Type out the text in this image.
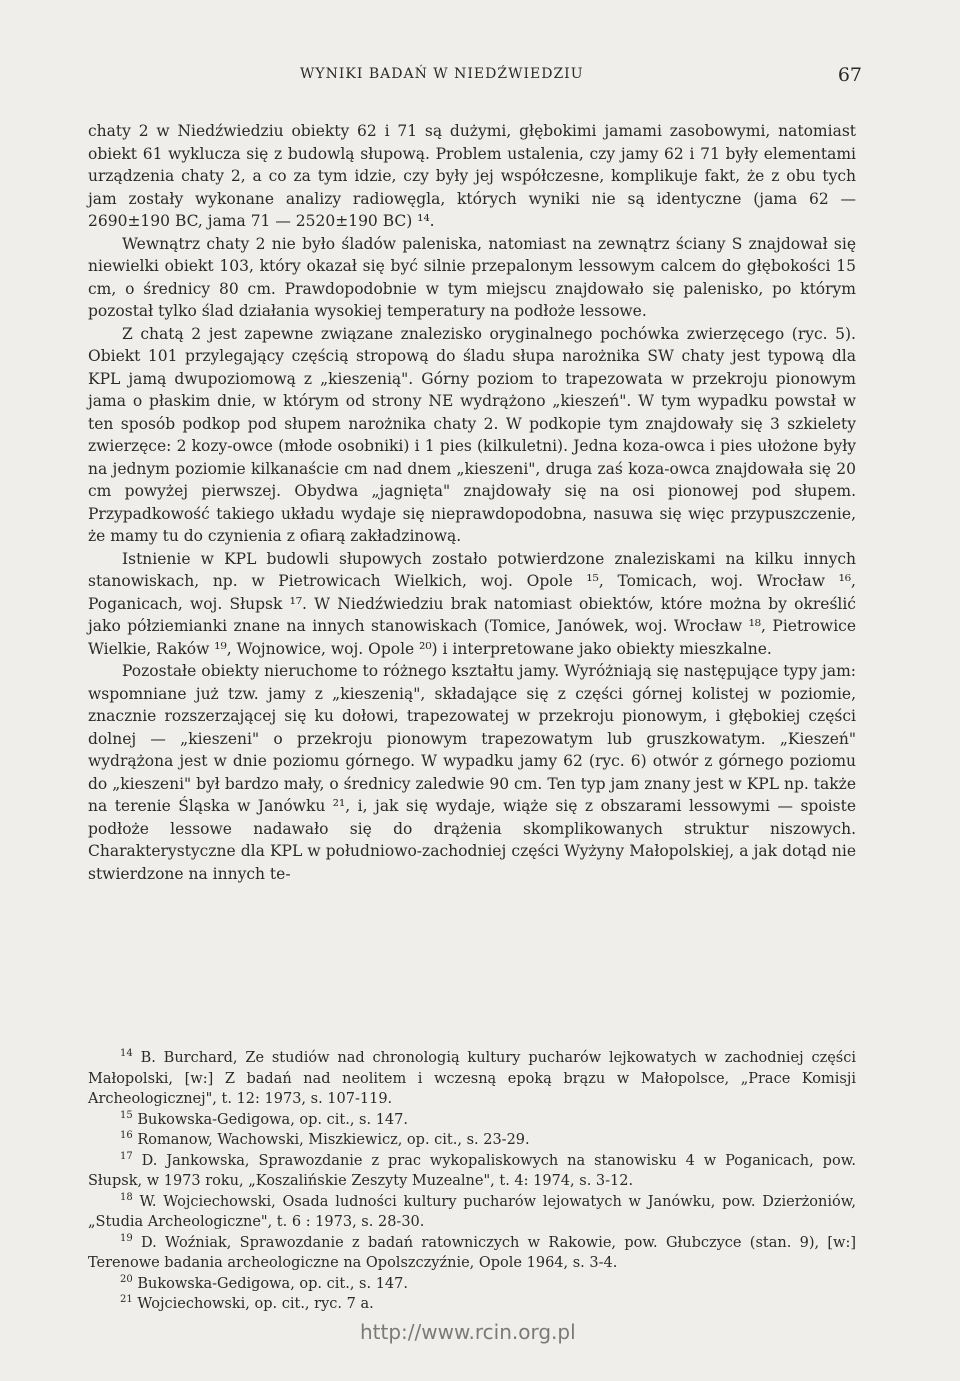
WYNIKI BADAŃ W NIEDŹWIEDZIU	67

chaty 2 w Niedźwiedziu obiekty 62 i 71 są dużymi, głębokimi jamami zasobowymi, natomiast obiekt 61 wyklucza się z budowlą słupową. Problem ustalenia, czy jamy 62 i 71 były elementami urządzenia chaty 2, a co za tym idzie, czy były jej współczesne, komplikuje fakt, że z obu tych jam zostały wykonane analizy radiowęgla, których wyniki nie są identyczne (jama 62 — 2690±190 BC, jama 71 — 2520±190 BC) ¹⁴.

Wewnątrz chaty 2 nie było śladów paleniska, natomiast na zewnątrz ściany S znajdował się niewielki obiekt 103, który okazał się być silnie przepalonym lessowym calcem do głębokości 15 cm, o średnicy 80 cm. Prawdopodobnie w tym miejscu znajdowało się palenisko, po którym pozostał tylko ślad działania wysokiej temperatury na podłoże lessowe.

Z chatą 2 jest zapewne związane znalezisko oryginalnego pochówka zwierzęcego (ryc. 5). Obiekt 101 przylegający częścią stropową do śladu słupa narożnika SW chaty jest typową dla KPL jamą dwupoziomową z „kieszenią". Górny poziom to trapezowata w przekroju pionowym jama o płaskim dnie, w którym od strony NE wydrążono „kieszeń". W tym wypadku powstał w ten sposób podkop pod słupem narożnika chaty 2. W podkopie tym znajdowały się 3 szkielety zwierzęce: 2 kozy-owce (młode osobniki) i 1 pies (kilkuletni). Jedna koza-owca i pies ułożone były na jednym poziomie kilkanaście cm nad dnem „kieszeni", druga zaś koza-owca znajdowała się 20 cm powyżej pierwszej. Obydwa „jagnięta" znajdowały się na osi pionowej pod słupem. Przypadkowość takiego układu wydaje się nieprawdopodobna, nasuwa się więc przypuszczenie, że mamy tu do czynienia z ofiarą zakładzinową.

Istnienie w KPL budowli słupowych zostało potwierdzone znaleziskami na kilku innych stanowiskach, np. w Pietrowicach Wielkich, woj. Opole ¹⁵, Tomicach, woj. Wrocław ¹⁶, Poganicach, woj. Słupsk ¹⁷. W Niedźwiedziu brak natomiast obiektów, które można by określić jako półziemianki znane na innych stanowiskach (Tomice, Janówek, woj. Wrocław ¹⁸, Pietrowice Wielkie, Raków ¹⁹, Wojnowice, woj. Opole ²⁰) i interpretowane jako obiekty mieszkalne.

Pozostałe obiekty nieruchome to różnego kształtu jamy. Wyróżniają się następujące typy jam: wspomniane już tzw. jamy z „kieszenią", składające się z części górnej kolistej w poziomie, znacznie rozszerzającej się ku dołowi, trapezowatej w przekroju pionowym, i głębokiej części dolnej — „kieszeni" o przekroju pionowym trapezowatym lub gruszkowatym. „Kieszeń" wydrążona jest w dnie poziomu górnego. W wypadku jamy 62 (ryc. 6) otwór z górnego poziomu do „kieszeni" był bardzo mały, o średnicy zaledwie 90 cm. Ten typ jam znany jest w KPL np. także na terenie Śląska w Janówku ²¹, i, jak się wydaje, wiąże się z obszarami lessowymi — spoiste podłoże lessowe nadawało się do drążenia skomplikowanych struktur niszowych. Charakterystyczne dla KPL w południowo-zachodniej części Wyżyny Małopolskiej, a jak dotąd nie stwierdzone na innych te-

$^{14}$ B. Burchard, Ze studiów nad chronologią kultury pucharów lejkowatych w zachodniej części Małopolski, [w:] Z badań nad neolitem i wczesną epoką brązu w Małopolsce, „Prace Komisji Archeologicznej", t. 12: 1973, s. 107-119.

$^{15}$ Bukowska-Gedigowa, op. cit., s. 147.

$^{16}$ Romanow, Wachowski, Miszkiewicz, op. cit., s. 23-29.

$^{17}$ D. Jankowska, Sprawozdanie z prac wykopaliskowych na stanowisku 4 w Poganicach, pow. Słupsk, w 1973 roku, „Koszalińskie Zeszyty Muzealne", t. 4: 1974, s. 3-12.

$^{18}$ W. Wojciechowski, Osada ludności kultury pucharów lejowatych w Janówku, pow. Dzierżoniów, „Studia Archeologiczne", t. 6 : 1973, s. 28-30.

$^{19}$ D. Woźniak, Sprawozdanie z badań ratowniczych w Rakowie, pow. Głubczyce (stan. 9), [w:] Terenowe badania archeologiczne na Opolszczyźnie, Opole 1964, s. 3-4.

$^{20}$ Bukowska-Gedigowa, op. cit., s. 147.

$^{21}$ Wojciechowski, op. cit., ryc. 7 a.

http://www.rcin.org.pl
